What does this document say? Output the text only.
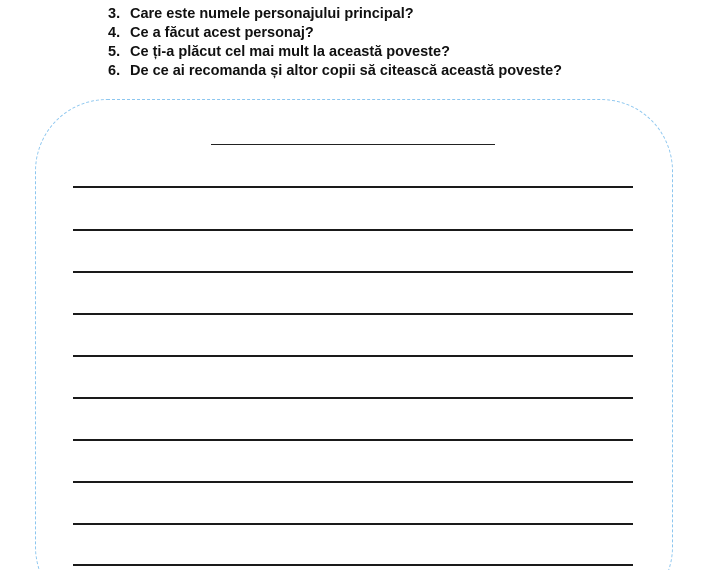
3. Care este numele personajului principal?
4. Ce a făcut acest personaj?
5. Ce ți-a plăcut cel mai mult la această poveste?
6. De ce ai recomanda și altor copii să citească această poveste?
